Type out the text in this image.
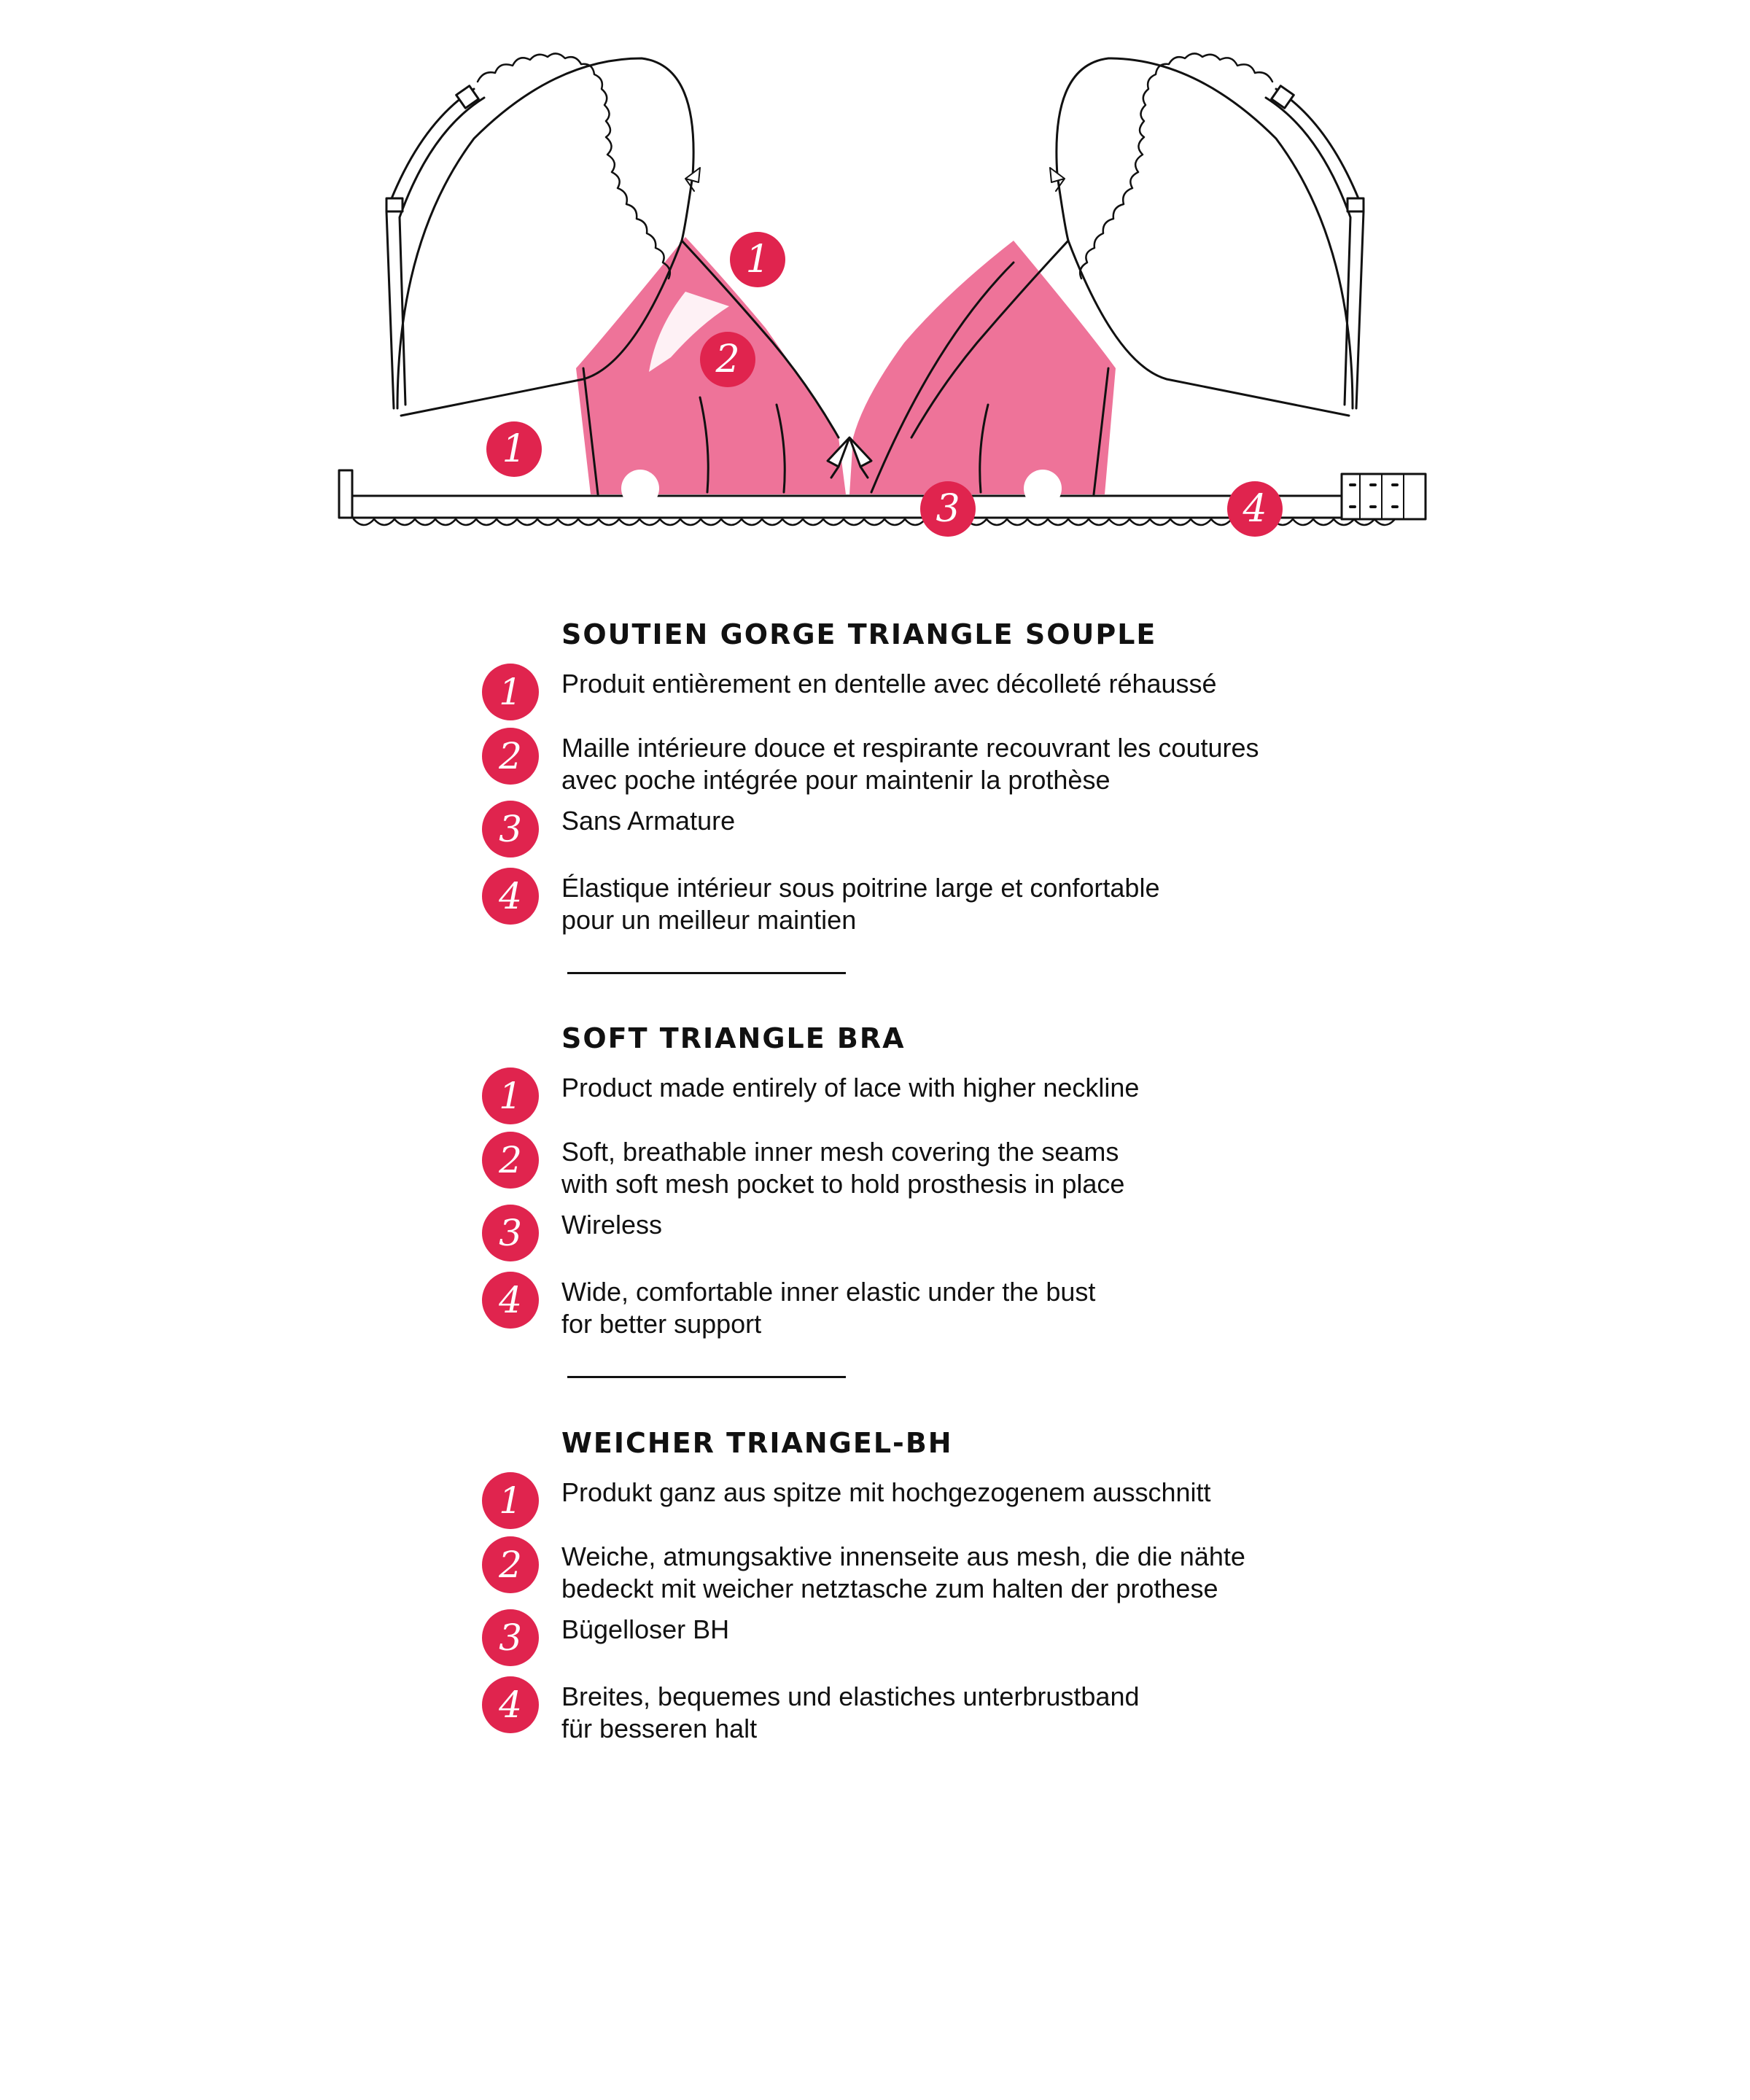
1
2
1
3	4
SOUTIEN GORGE TRIANGLE SOUPLE
1	Produit entièrement en dentelle avec décolleté réhaussé

2	Maille intérieure douce et respirante recouvrant les coutures
avec poche intégrée pour maintenir la prothèse
3	Sans Armature

4	Élastique intérieur sous poitrine large et confortable
pour un meilleur maintien
SOFT TRIANGLE BRA
1	Product made entirely of lace with higher neckline

2	Soft, breathable inner mesh covering the seams
with soft mesh pocket to hold prosthesis in place
3	Wireless

4	Wide, comfortable inner elastic under the bust
for better support
WEICHER TRIANGEL-BH
1	Produkt ganz aus spitze mit hochgezogenem ausschnitt

2	Weiche, atmungsaktive innenseite aus mesh, die die nähte
bedeckt mit weicher netztasche zum halten der prothese
3	Bügelloser BH

4	Breites, bequemes und elastiches unterbrustband
für besseren halt
